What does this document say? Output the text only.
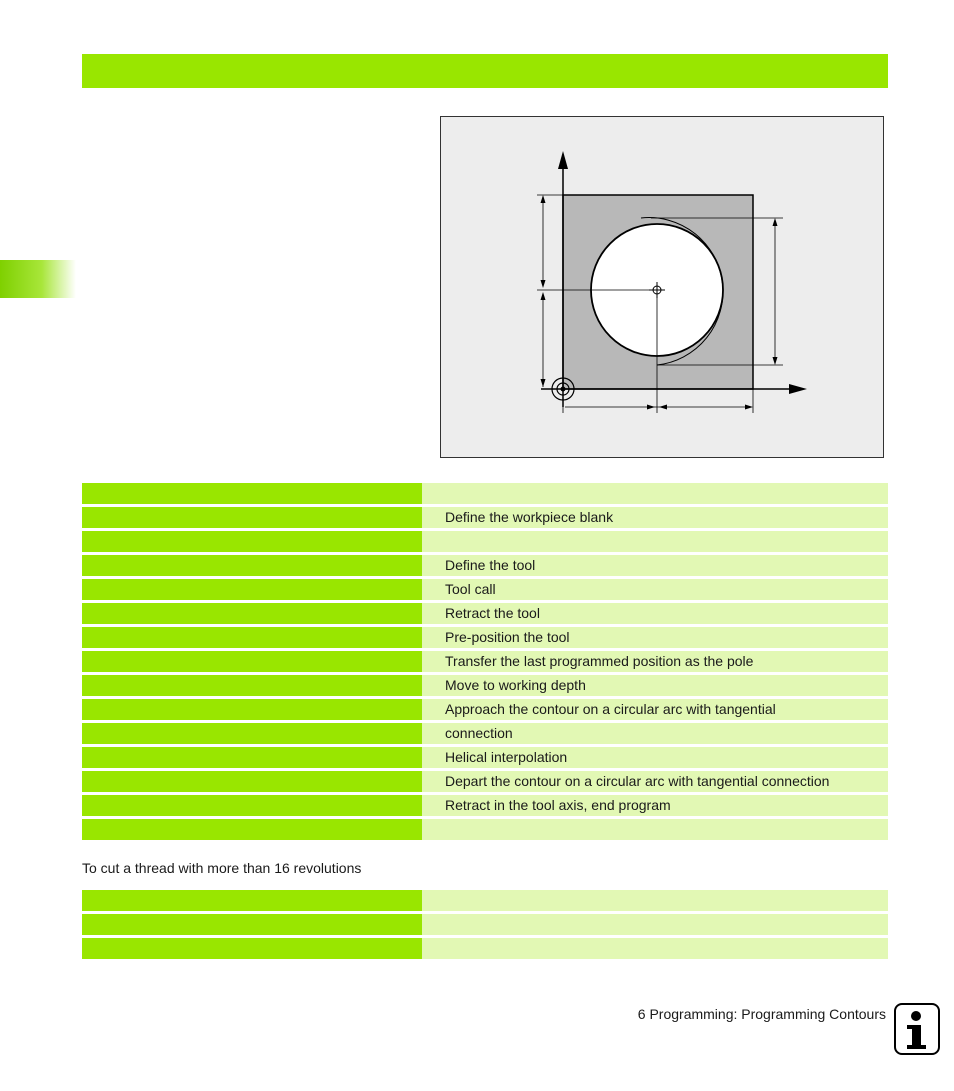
Define the workpiece blank
Define the tool
Tool call
Retract the tool
Pre-position the tool
Transfer the last programmed position as the pole
Move to working depth
Approach the contour on a circular arc with tangential
connection
Helical interpolation
Depart the contour on a circular arc with tangential connection
Retract in the tool axis, end program
To cut a thread with more than 16 revolutions
6 Programming: Programming Contours
